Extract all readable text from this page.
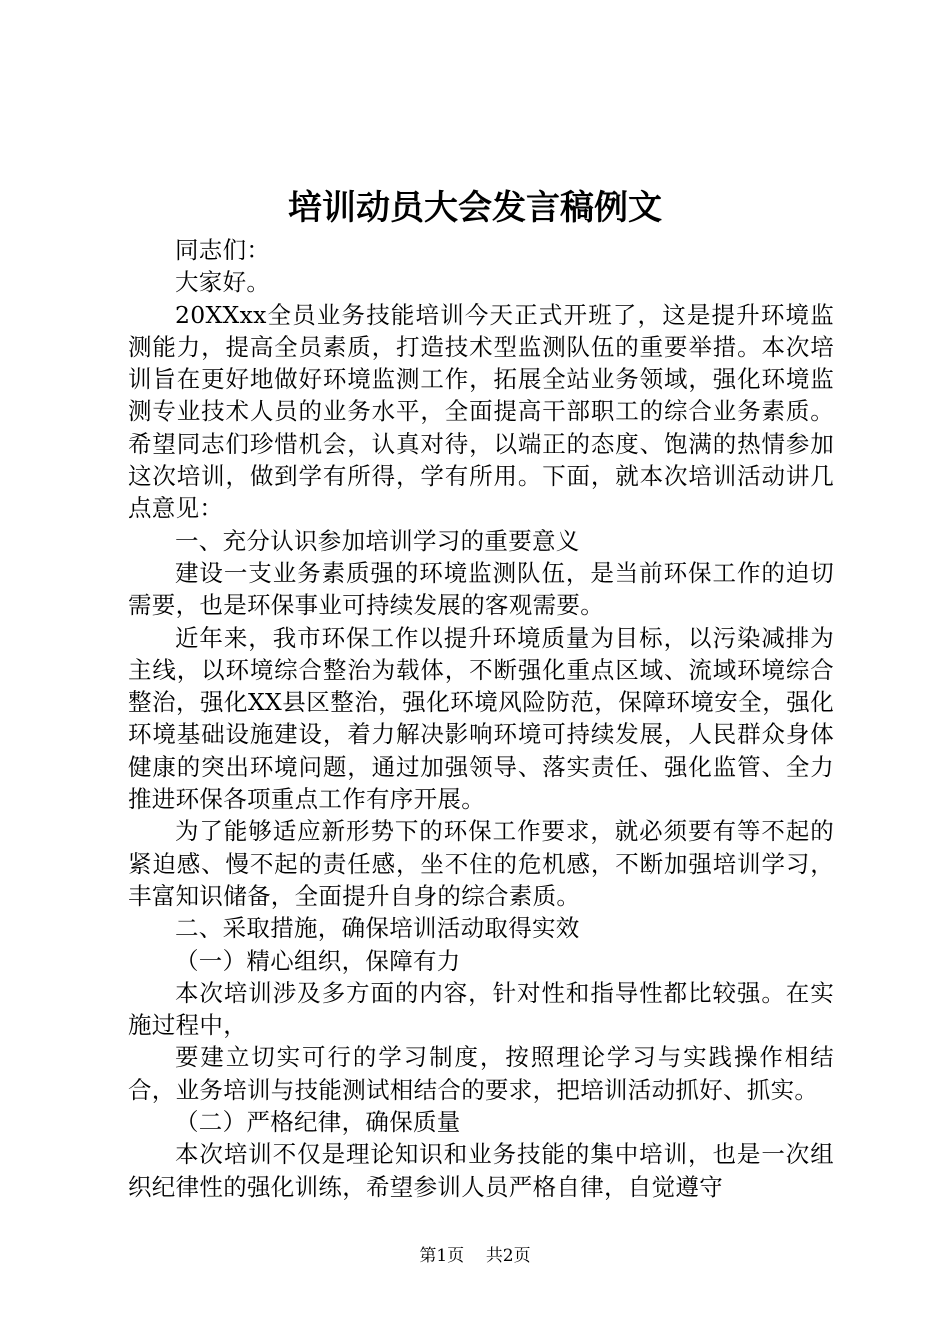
培训动员大会发言稿例文

同志们：

大家好。

20XXxx全员业务技能培训今天正式开班了，这是提升环境监测能力，提高全员素质，打造技术型监测队伍的重要举措。本次培训旨在更好地做好环境监测工作，拓展全站业务领域，强化环境监测专业技术人员的业务水平，全面提高干部职工的综合业务素质。希望同志们珍惜机会，认真对待，以端正的态度、饱满的热情参加这次培训，做到学有所得，学有所用。下面，就本次培训活动讲几点意见：

一、充分认识参加培训学习的重要意义

建设一支业务素质强的环境监测队伍，是当前环保工作的迫切需要，也是环保事业可持续发展的客观需要。

近年来，我市环保工作以提升环境质量为目标，以污染减排为主线，以环境综合整治为载体，不断强化重点区域、流域环境综合整治，强化XX县区整治，强化环境风险防范，保障环境安全，强化环境基础设施建设，着力解决影响环境可持续发展，人民群众身体健康的突出环境问题，通过加强领导、落实责任、强化监管、全力推进环保各项重点工作有序开展。

为了能够适应新形势下的环保工作要求，就必须要有等不起的紧迫感、慢不起的责任感，坐不住的危机感，不断加强培训学习，丰富知识储备，全面提升自身的综合素质。

二、采取措施，确保培训活动取得实效

（一）精心组织，保障有力

本次培训涉及多方面的内容，针对性和指导性都比较强。在实施过程中，

要建立切实可行的学习制度，按照理论学习与实践操作相结合，业务培训与技能测试相结合的要求，把培训活动抓好、抓实。

（二）严格纪律，确保质量

本次培训不仅是理论知识和业务技能的集中培训，也是一次组织纪律性的强化训练，希望参训人员严格自律，自觉遵守

第1页 共2页
